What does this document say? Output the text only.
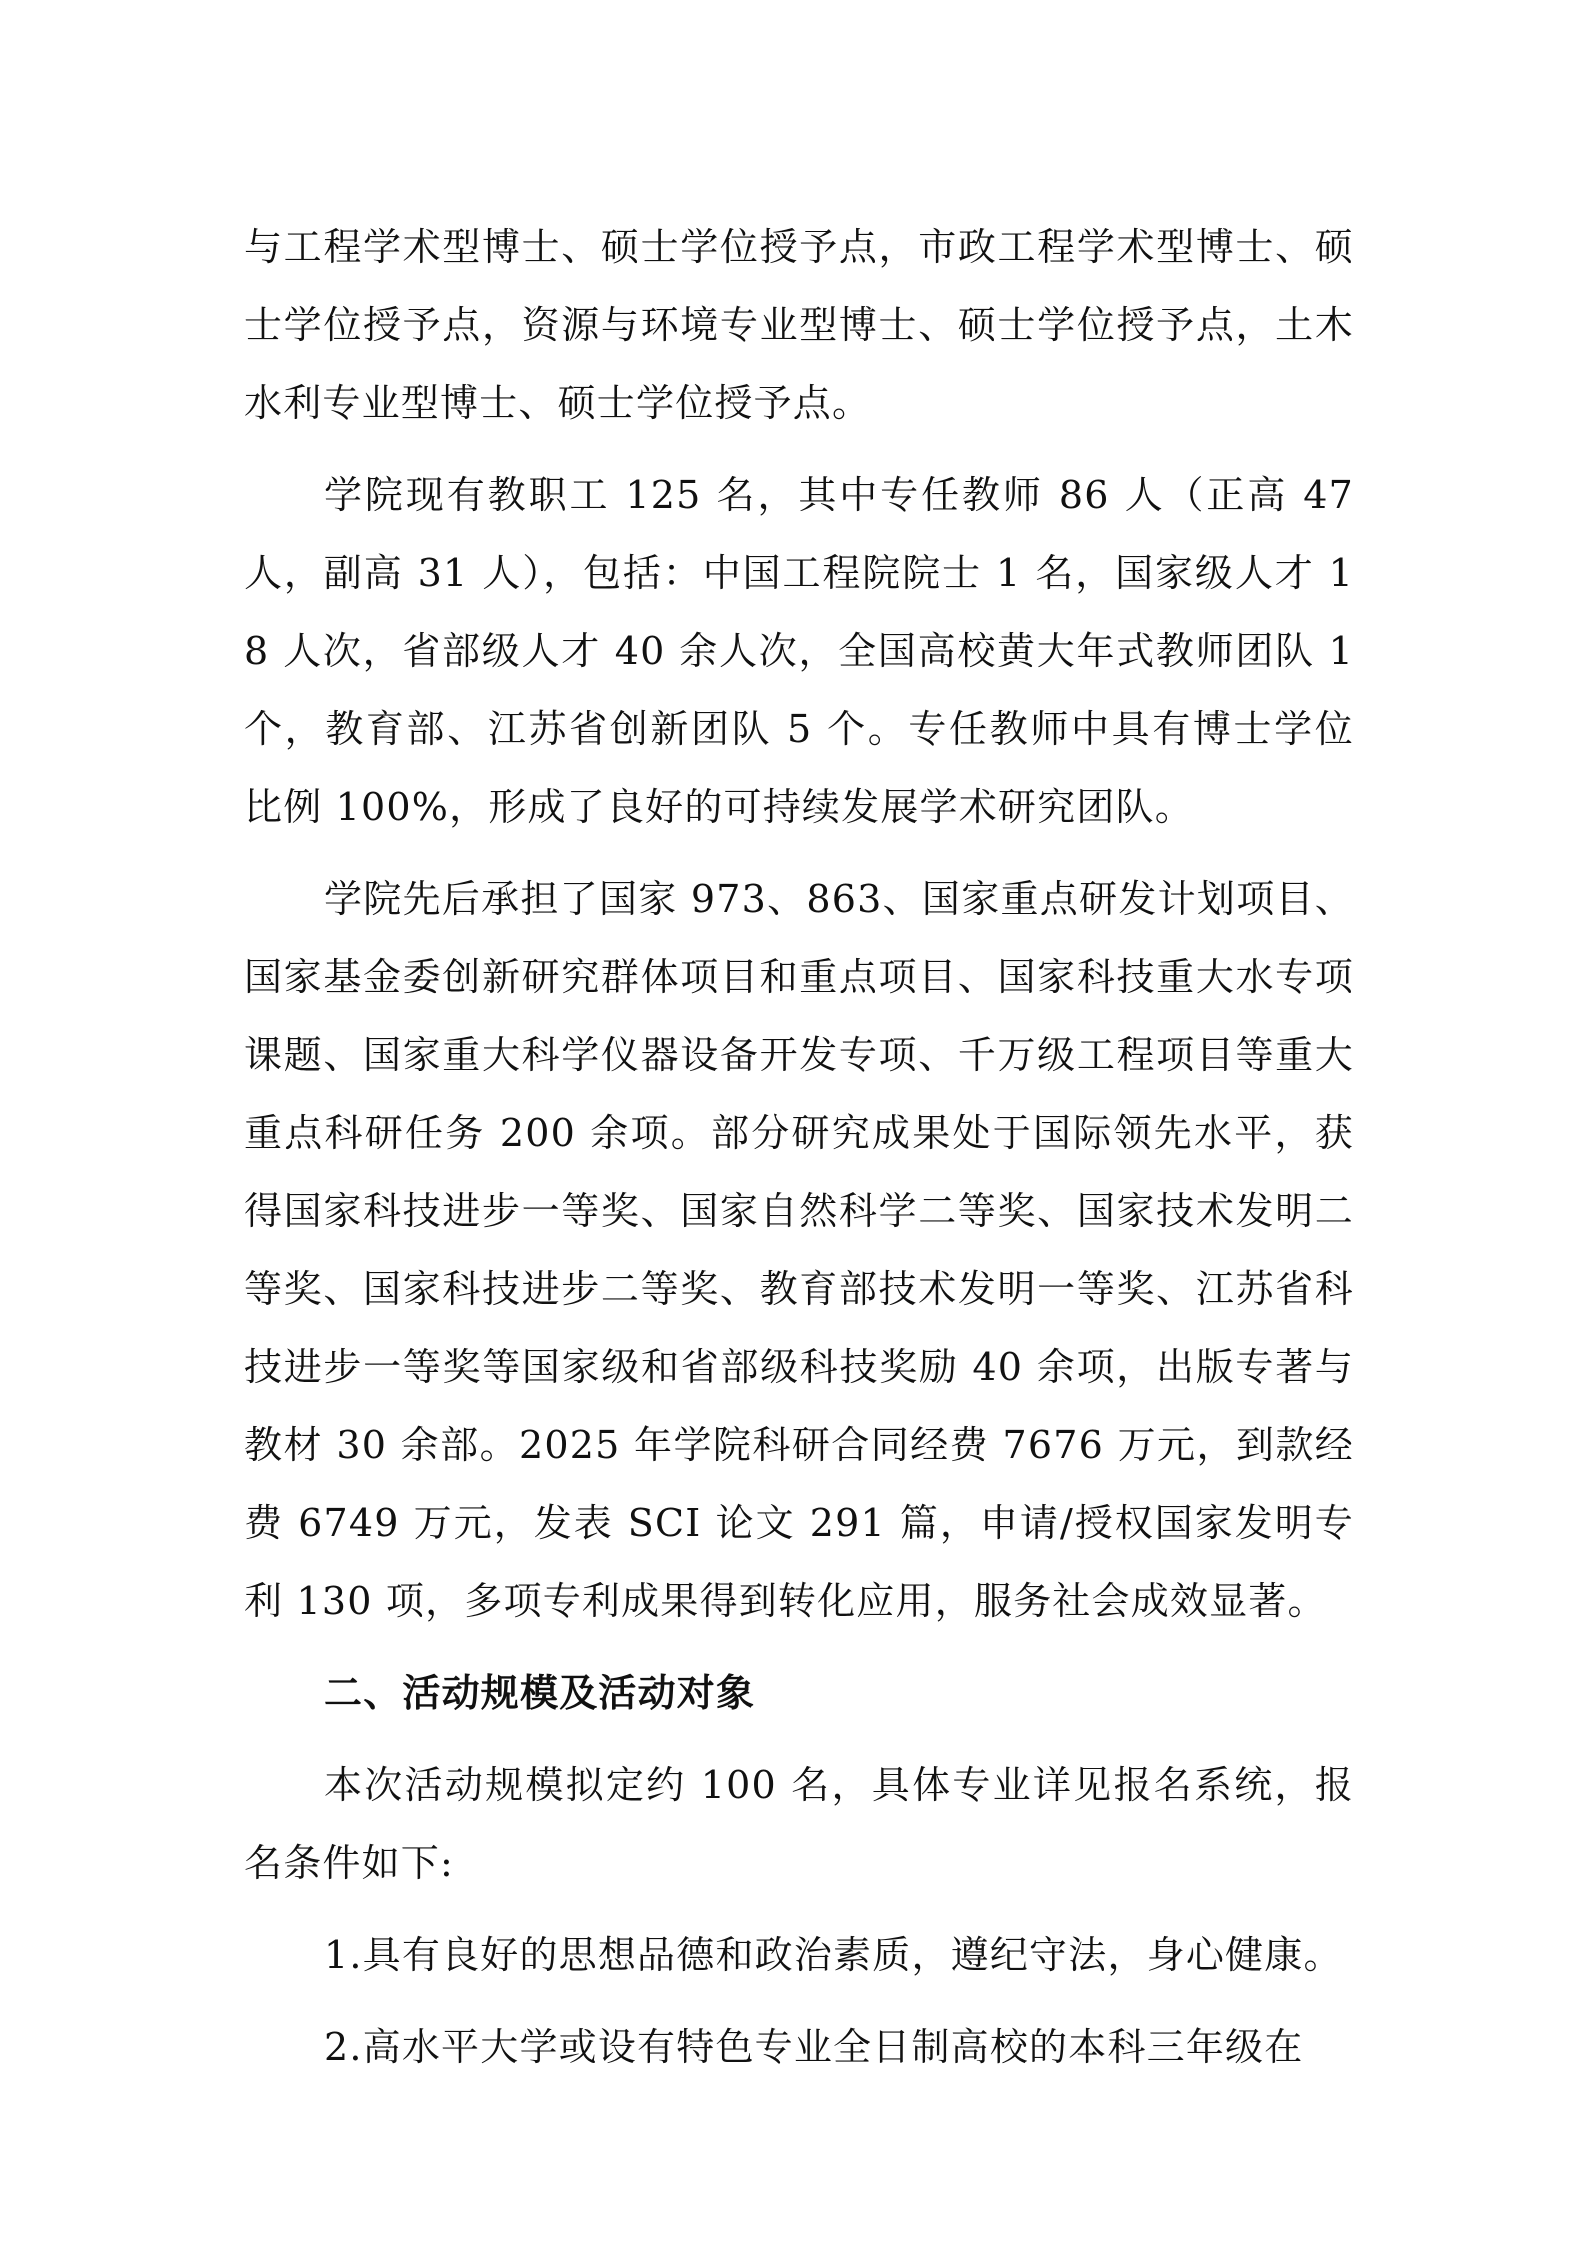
与工程学术型博士、硕士学位授予点，市政工程学术型博士、硕士学位授予点，资源与环境专业型博士、硕士学位授予点，土木水利专业型博士、硕士学位授予点。

学院现有教职工 125 名，其中专任教师 86 人（正高 47 人，副高 31 人），包括：中国工程院院士 1 名，国家级人才 18 人次，省部级人才 40 余人次，全国高校黄大年式教师团队 1 个，教育部、江苏省创新团队 5 个。专任教师中具有博士学位比例 100%，形成了良好的可持续发展学术研究团队。

学院先后承担了国家 973、863、国家重点研发计划项目、国家基金委创新研究群体项目和重点项目、国家科技重大水专项课题、国家重大科学仪器设备开发专项、千万级工程项目等重大重点科研任务 200 余项。部分研究成果处于国际领先水平，获得国家科技进步一等奖、国家自然科学二等奖、国家技术发明二等奖、国家科技进步二等奖、教育部技术发明一等奖、江苏省科技进步一等奖等国家级和省部级科技奖励 40 余项，出版专著与教材 30 余部。2025 年学院科研合同经费 7676 万元，到款经费 6749 万元，发表 SCI 论文 291 篇，申请/授权国家发明专利 130 项，多项专利成果得到转化应用，服务社会成效显著。

二、活动规模及活动对象

本次活动规模拟定约 100 名，具体专业详见报名系统，报名条件如下:

1.具有良好的思想品德和政治素质，遵纪守法，身心健康。

2.高水平大学或设有特色专业全日制高校的本科三年级在
